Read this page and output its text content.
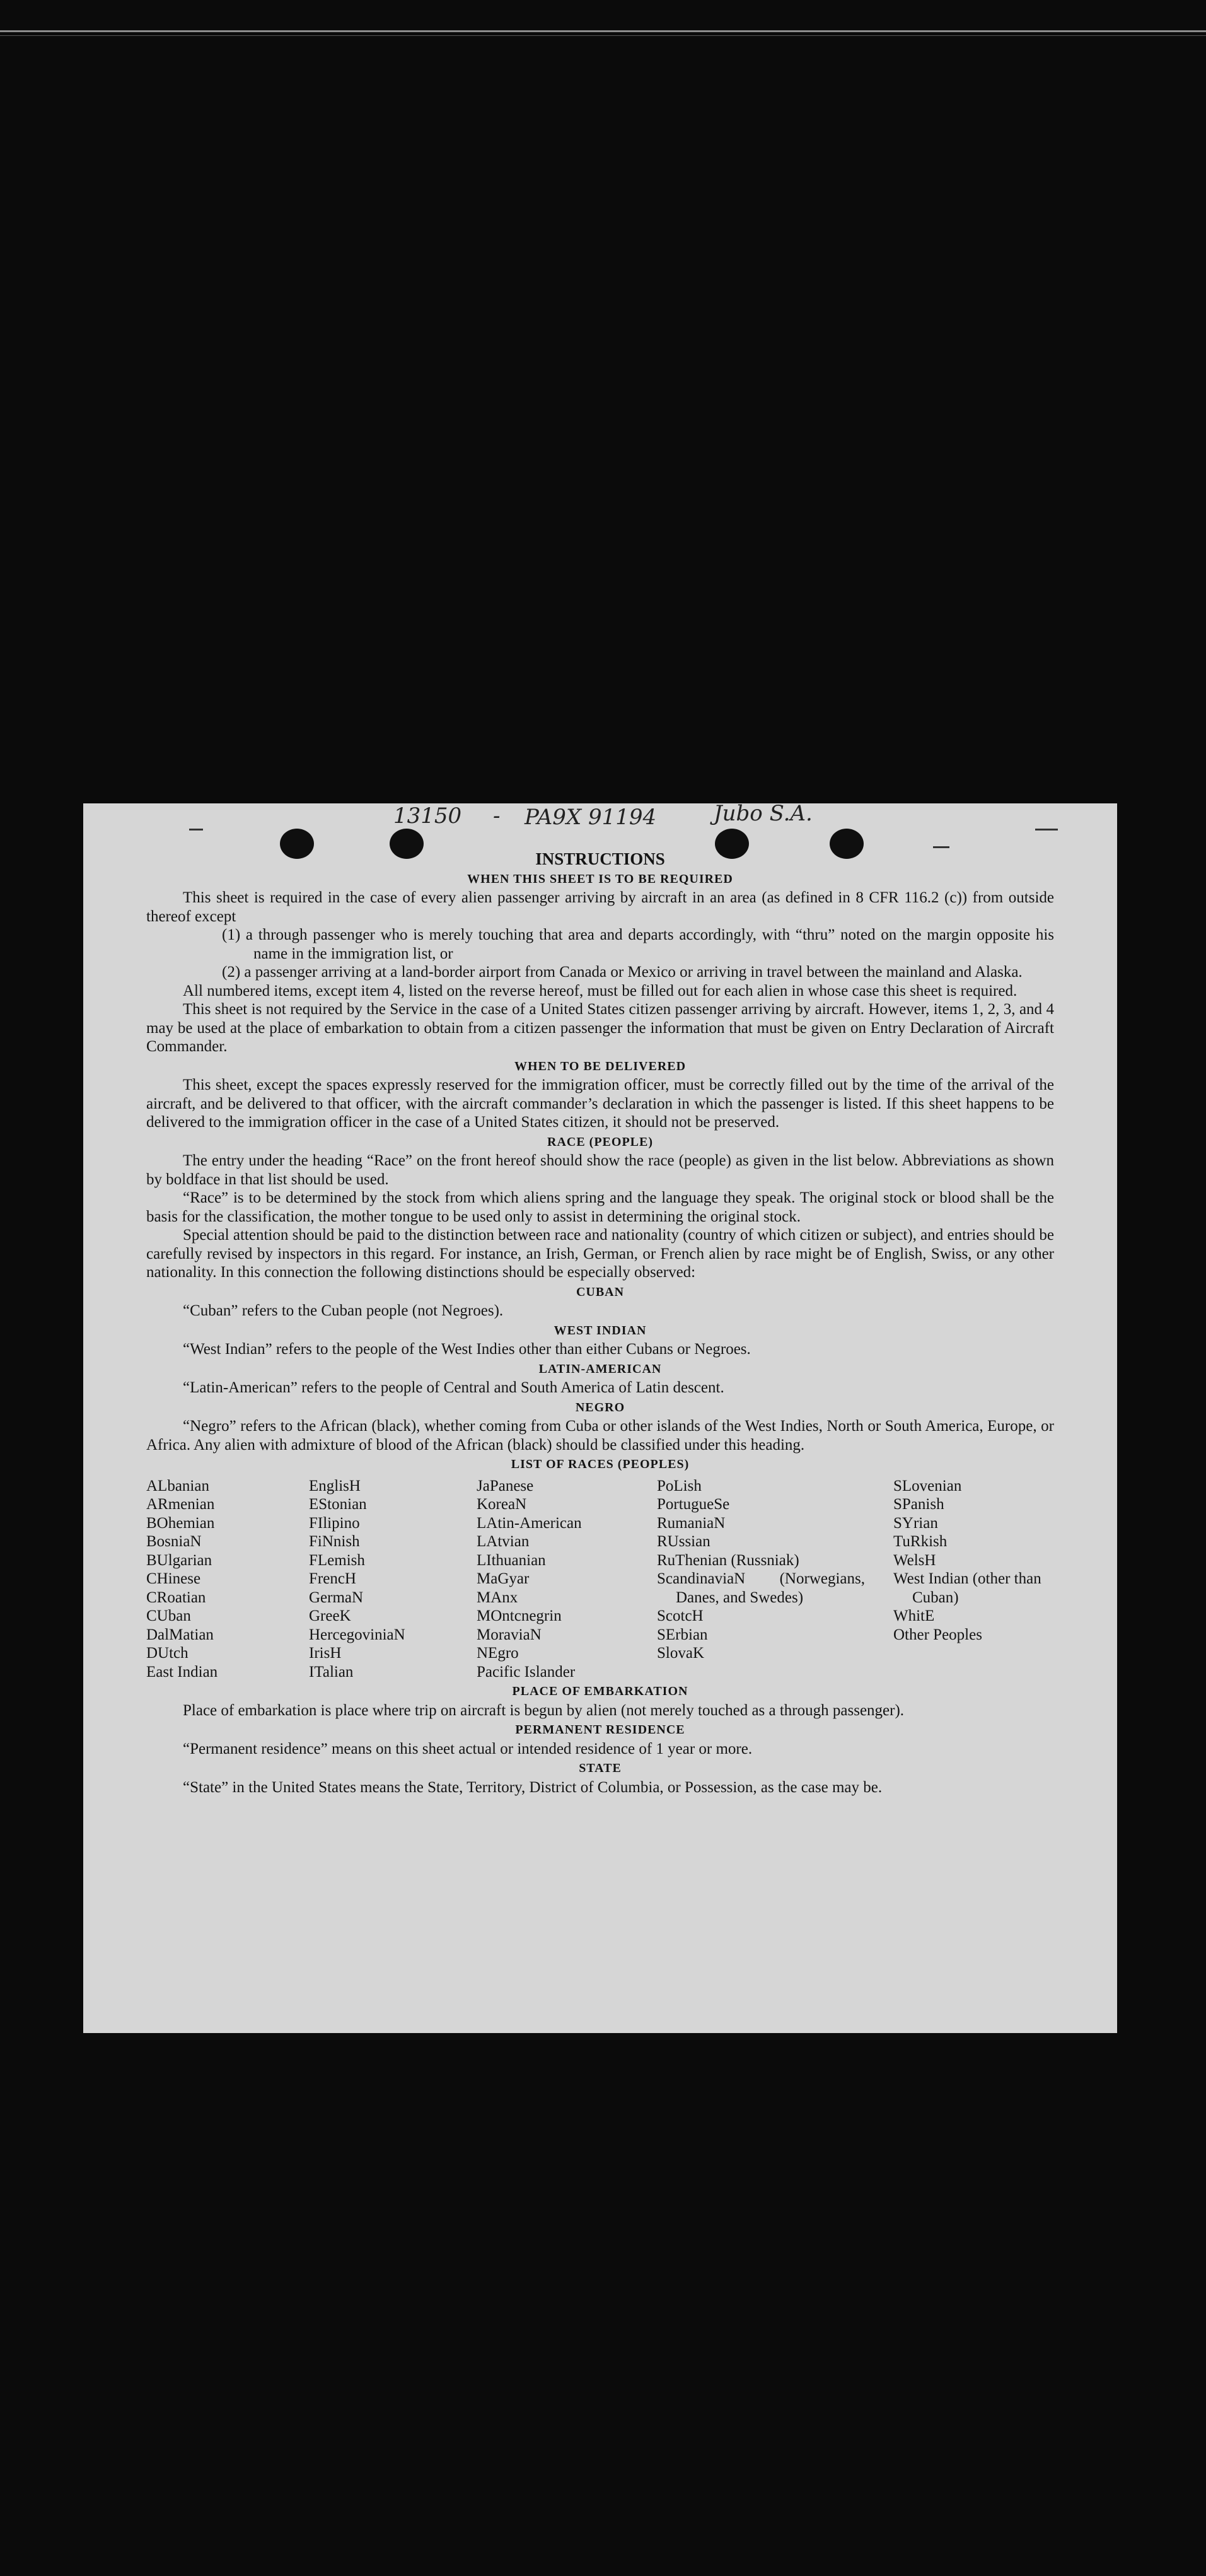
13150 - PA9X 91194	Jubo S.A.
INSTRUCTIONS
WHEN THIS SHEET IS TO BE REQUIRED

This sheet is required in the case of every alien passenger arriving by aircraft in an area (as defined in 8 CFR 116.2 (c)) from outside thereof except

(1) a through passenger who is merely touching that area and departs accordingly, with “thru” noted on the margin opposite his name in the immigration list, or

(2) a passenger arriving at a land-border airport from Canada or Mexico or arriving in travel between the mainland and Alaska.

All numbered items, except item 4, listed on the reverse hereof, must be filled out for each alien in whose case this sheet is required.

This sheet is not required by the Service in the case of a United States citizen passenger arriving by aircraft. However, items 1, 2, 3, and 4 may be used at the place of embarkation to obtain from a citizen passenger the information that must be given on Entry Declaration of Aircraft Commander.

WHEN TO BE DELIVERED

This sheet, except the spaces expressly reserved for the immigration officer, must be correctly filled out by the time of the arrival of the aircraft, and be delivered to that officer, with the aircraft commander’s declaration in which the passenger is listed. If this sheet happens to be delivered to the immigration officer in the case of a United States citizen, it should not be preserved.

RACE (PEOPLE)

The entry under the heading “Race” on the front hereof should show the race (people) as given in the list below. Abbreviations as shown by boldface in that list should be used.

“Race” is to be determined by the stock from which aliens spring and the language they speak. The original stock or blood shall be the basis for the classification, the mother tongue to be used only to assist in determining the original stock.

Special attention should be paid to the distinction between race and nationality (country of which citizen or subject), and entries should be carefully revised by inspectors in this regard. For instance, an Irish, German, or French alien by race might be of English, Swiss, or any other nationality. In this connection the following distinctions should be especially observed:

CUBAN

“Cuban” refers to the Cuban people (not Negroes).

WEST INDIAN

“West Indian” refers to the people of the West Indies other than either Cubans or Negroes.

LATIN-AMERICAN

“Latin-American” refers to the people of Central and South America of Latin descent.

NEGRO

“Negro” refers to the African (black), whether coming from Cuba or other islands of the West Indies, North or South America, Europe, or Africa. Any alien with admixture of blood of the African (black) should be classified under this heading.

LIST OF RACES (PEOPLES)
ALbanian
ARmenian
BOhemian
BosniaN
BUlgarian
CHinese
CRoatian
CUban
DalMatian
DUtch
East Indian
EnglisH
EStonian
FIlipino
FiNnish
FLemish
FrencH
GermaN
GreeK
HercegoviniaN
IrisH
ITalian
JaPanese
KoreaN
LAtin-American
LAtvian
LIthuanian
MaGyar
MAnx
MOntcnegrin
MoraviaN
NEgro
Pacific Islander
PoLish
PortugueSe
RumaniaN
RUssian
RuThenian (Russniak)
ScandinaviaN (Norwegians, Danes, and Swedes)
ScotcH
SErbian
SlovaK
SLovenian
SPanish
SYrian
TuRkish
WelsH
West Indian (other than Cuban)
WhitE
Other Peoples
PLACE OF EMBARKATION

Place of embarkation is place where trip on aircraft is begun by alien (not merely touched as a through passenger).

PERMANENT RESIDENCE

“Permanent residence” means on this sheet actual or intended residence of 1 year or more.

STATE

“State” in the United States means the State, Territory, District of Columbia, or Possession, as the case may be.
